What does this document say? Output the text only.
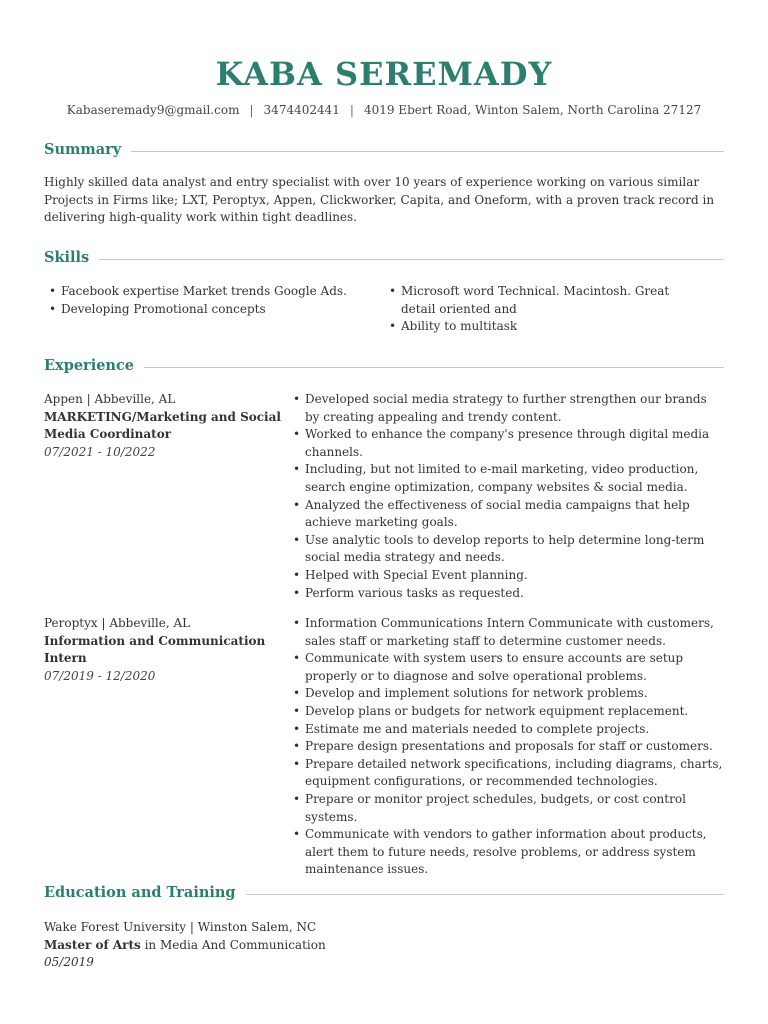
KABA SEREMADY
Kabaseremady9@gmail.com | 3474402441 | 4019 Ebert Road, Winton Salem, North Carolina 27127
Summary

Highly skilled data analyst and entry specialist with over 10 years of experience working on various similar Projects in Firms like; LXT, Peroptyx, Appen, Clickworker, Capita, and Oneform, with a proven track record in delivering high-quality work within tight deadlines.

Skills
• Facebook expertise Market trends Google Ads.
• Developing Promotional concepts
• Microsoft word Technical. Macintosh. Great detail oriented and
• Ability to multitask
Experience
Appen | Abbeville, AL
MARKETING/Marketing and Social Media Coordinator
07/2021 - 10/2022
• Developed social media strategy to further strengthen our brands by creating appealing and trendy content.
• Worked to enhance the company's presence through digital media channels.
• Including, but not limited to e-mail marketing, video production, search engine optimization, company websites & social media.
• Analyzed the effectiveness of social media campaigns that help achieve marketing goals.
• Use analytic tools to develop reports to help determine long-term social media strategy and needs.
• Helped with Special Event planning.
• Perform various tasks as requested.
Peroptyx | Abbeville, AL
Information and Communication Intern
07/2019 - 12/2020
• Information Communications Intern Communicate with customers, sales staff or marketing staff to determine customer needs.
• Communicate with system users to ensure accounts are setup properly or to diagnose and solve operational problems.
• Develop and implement solutions for network problems.
• Develop plans or budgets for network equipment replacement.
• Estimate me and materials needed to complete projects.
• Prepare design presentations and proposals for staff or customers.
• Prepare detailed network specifications, including diagrams, charts, equipment configurations, or recommended technologies.
• Prepare or monitor project schedules, budgets, or cost control systems.
• Communicate with vendors to gather information about products, alert them to future needs, resolve problems, or address system maintenance issues.
Education and Training
Wake Forest University | Winston Salem, NC
Master of Arts in Media And Communication
05/2019
